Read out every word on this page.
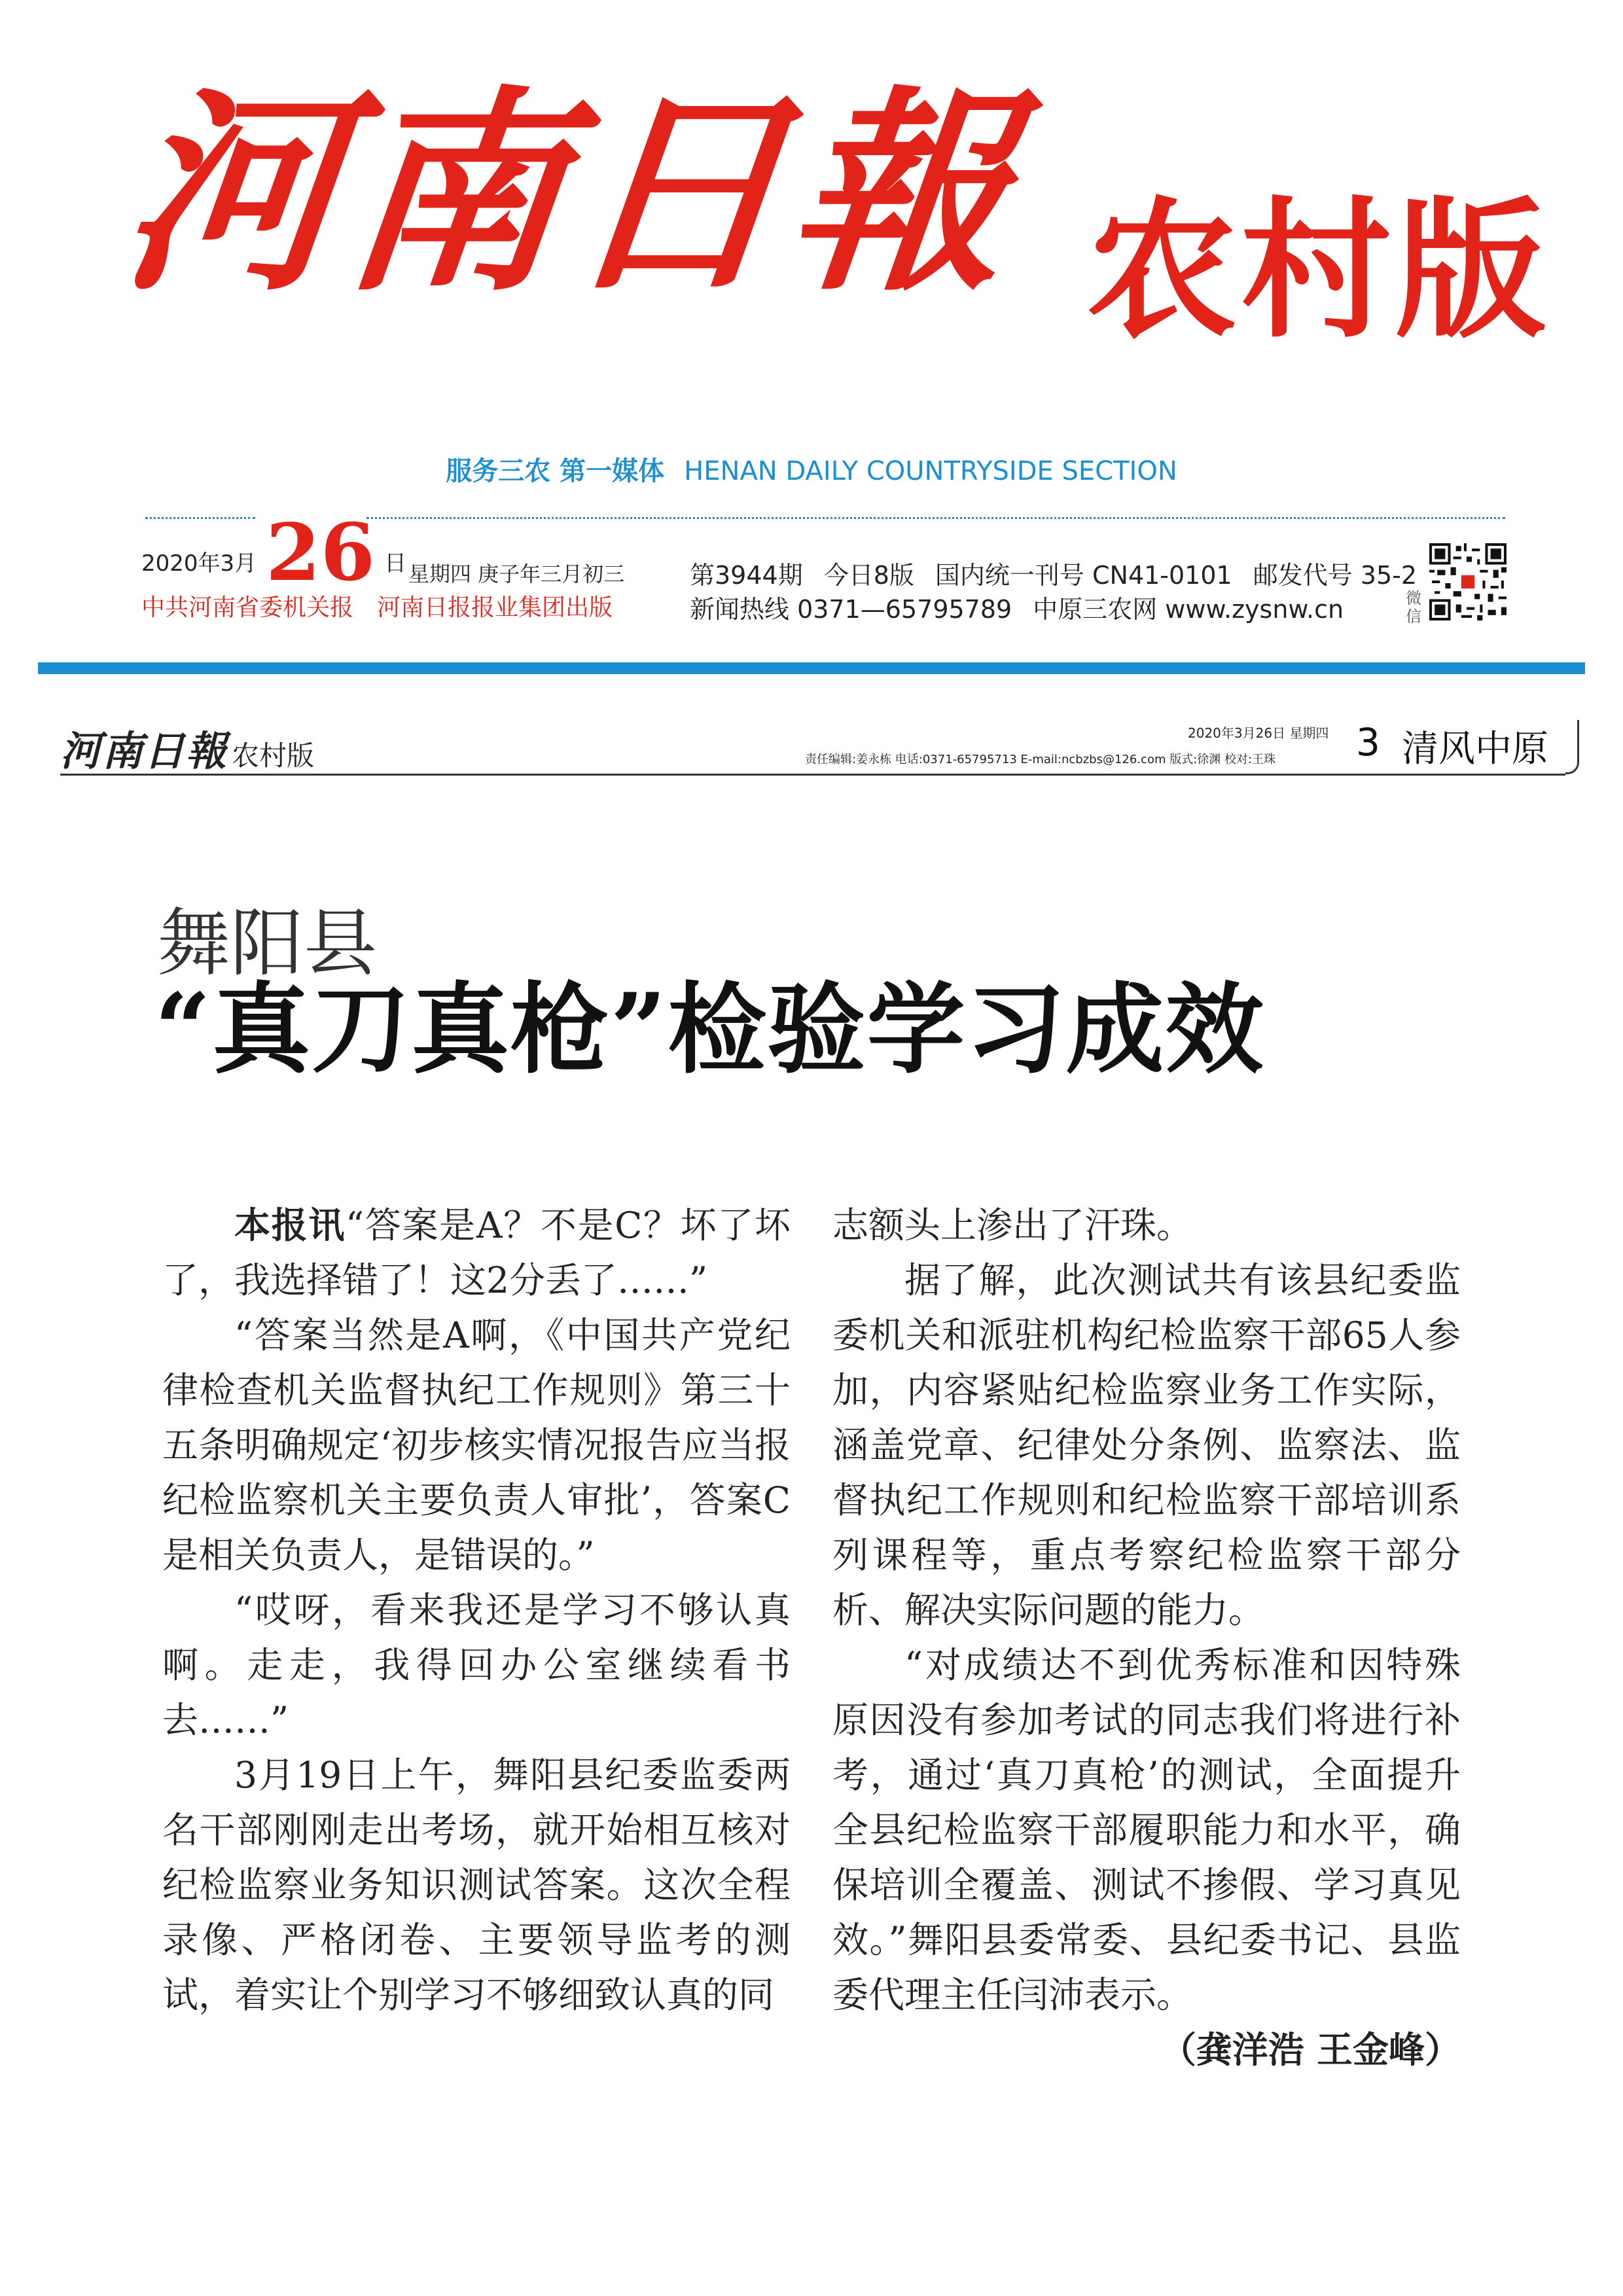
河南日報 农村版
服务三农 第一媒体 HENAN DAILY COUNTRYSIDE SECTION
2020年3月 26 日 星期四 庚子年三月初三
中共河南省委机关报 河南日报报业集团出版
第3944期 今日8版 国内统一刊号 CN41-0101 邮发代号 35-2
新闻热线 0371—65795789 中原三农网 www.zysnw.cn	微信
河南日報 农村版
2020年3月26日 星期四
责任编辑:姜永栋 电话:0371-65795713 E-mail:ncbzbs@126.com 版式:徐渊 校对:王珠 3 清风中原
舞阳县
“真刀真枪”检验学习成效

本报讯“答案是A？不是C？坏了坏了，我选择错了！这2分丢了……”

“答案当然是A啊，《中国共产党纪律检查机关监督执纪工作规则》第三十五条明确规定‘初步核实情况报告应当报纪检监察机关主要负责人审批’，答案C是相关负责人，是错误的。”

“哎呀，看来我还是学习不够认真啊。走走，我得回办公室继续看书去……”

3月19日上午，舞阳县纪委监委两名干部刚刚走出考场，就开始相互核对纪检监察业务知识测试答案。这次全程录像、严格闭卷、主要领导监考的测试，着实让个别学习不够细致认真的同

志额头上渗出了汗珠。

据了解，此次测试共有该县纪委监委机关和派驻机构纪检监察干部65人参加，内容紧贴纪检监察业务工作实际，涵盖党章、纪律处分条例、监察法、监督执纪工作规则和纪检监察干部培训系列课程等，重点考察纪检监察干部分析、解决实际问题的能力。

“对成绩达不到优秀标准和因特殊原因没有参加考试的同志我们将进行补考，通过‘真刀真枪’的测试，全面提升全县纪检监察干部履职能力和水平，确保培训全覆盖、测试不掺假、学习真见效。”舞阳县委常委、县纪委书记、县监委代理主任闫沛表示。

（龚洋浩 王金峰）
